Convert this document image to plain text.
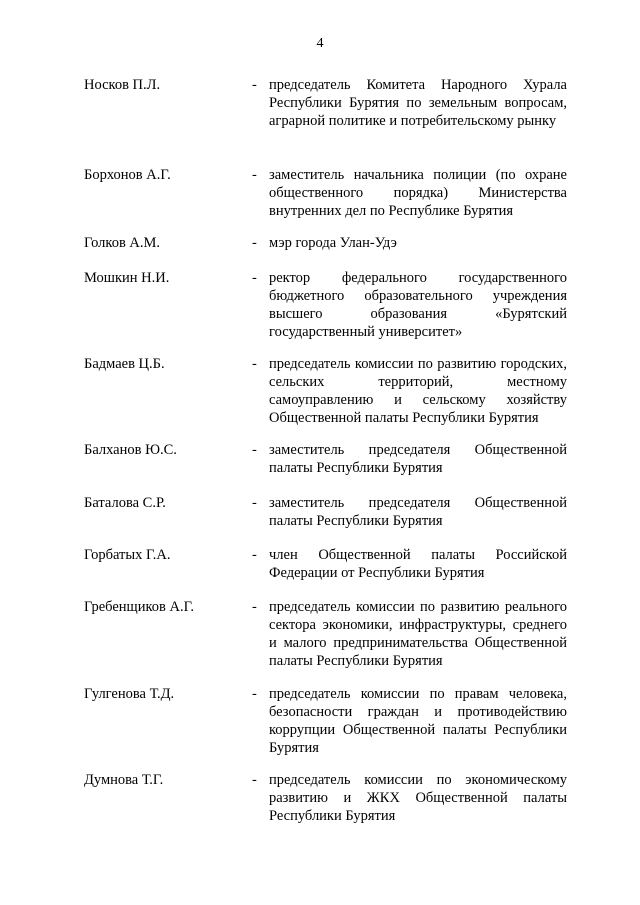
4
Носков П.Л.	- председатель Комитета Народного Хурала Республики Бурятия по земельным вопросам, аграрной политике и потребительскому рынку
Борхонов А.Г.	- заместитель начальника полиции (по охране общественного порядка) Министерства внутренних дел по Республике Бурятия
Голков А.М.	- мэр города Улан-Удэ
Мошкин Н.И.	- ректор федерального государственного бюджетного образовательного учреждения высшего образования «Бурятский государственный университет»
Бадмаев Ц.Б.	- председатель комиссии по развитию городских, сельских территорий, местному самоуправлению и сельскому хозяйству Общественной палаты Республики Бурятия
Балханов Ю.С.	- заместитель председателя Общественной палаты Республики Бурятия
Баталова С.Р.	- заместитель председателя Общественной палаты Республики Бурятия
Горбатых Г.А.	- член Общественной палаты Российской Федерации от Республики Бурятия
Гребенщиков А.Г.	- председатель комиссии по развитию реального сектора экономики, инфраструктуры, среднего и малого предпринимательства Общественной палаты Республики Бурятия
Гулгенова Т.Д.	- председатель комиссии по правам человека, безопасности граждан и противодействию коррупции Общественной палаты Республики Бурятия
Думнова Т.Г.	- председатель комиссии по экономическому развитию и ЖКХ Общественной палаты Республики Бурятия
